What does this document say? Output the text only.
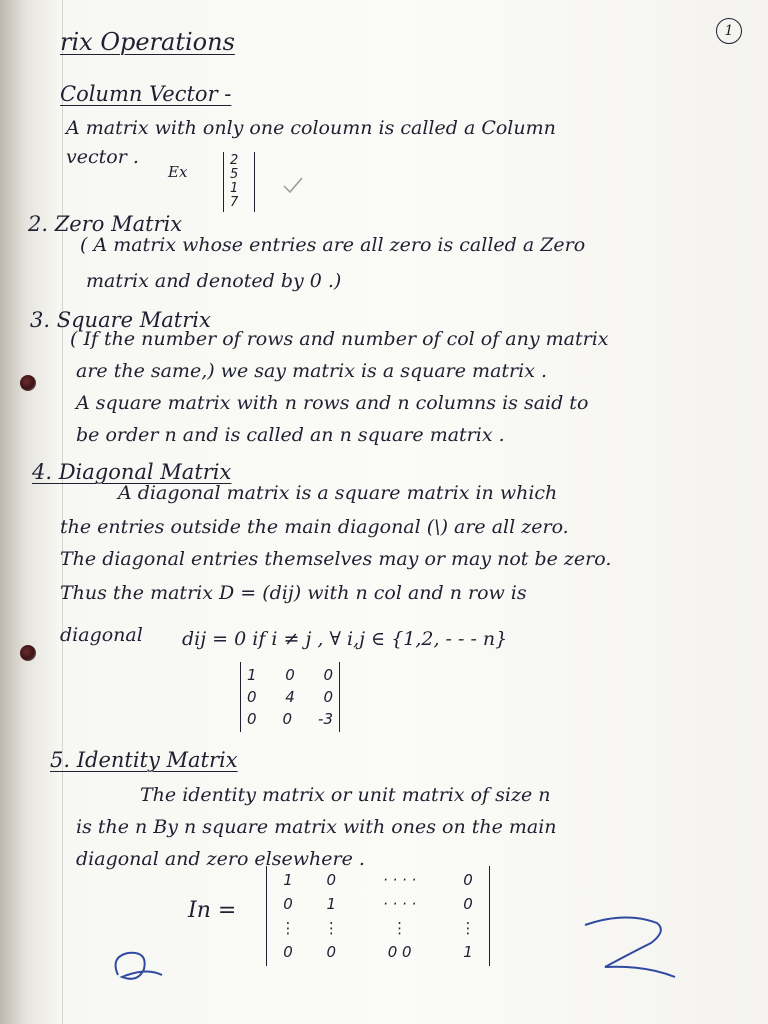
1
rix Operations
Column Vector -
A matrix with only one coloumn is called a Column
vector .
Ex
2
5
1
7
2. Zero Matrix
( A matrix whose entries are all zero is called a Zero
matrix and denoted by 0 .)
3. Square Matrix
( If the number of rows and number of col of any matrix
are the same,) we say matrix is a square matrix .
A square matrix with n rows and n columns is said to
be order n and is called an n square matrix .
4. Diagonal Matrix
A diagonal matrix is a square matrix in which
the entries outside the main diagonal (\) are all zero.
The diagonal entries themselves may or may not be zero.
Thus the matrix D = (dij) with n col and n row is
diagonal dij = 0 if i ≠ j , ∀ i,j ∈ {1,2, - - - n}
1 0 0
0 4 0
0 0 -3
5. Identity Matrix
The identity matrix or unit matrix of size n
is the n By n square matrix with ones on the main
diagonal and zero elsewhere .
In =
1	0	· · · ·	0
0	1	· · · ·	0
⋮	⋮	⋮	⋮
0	0	0 0	1
